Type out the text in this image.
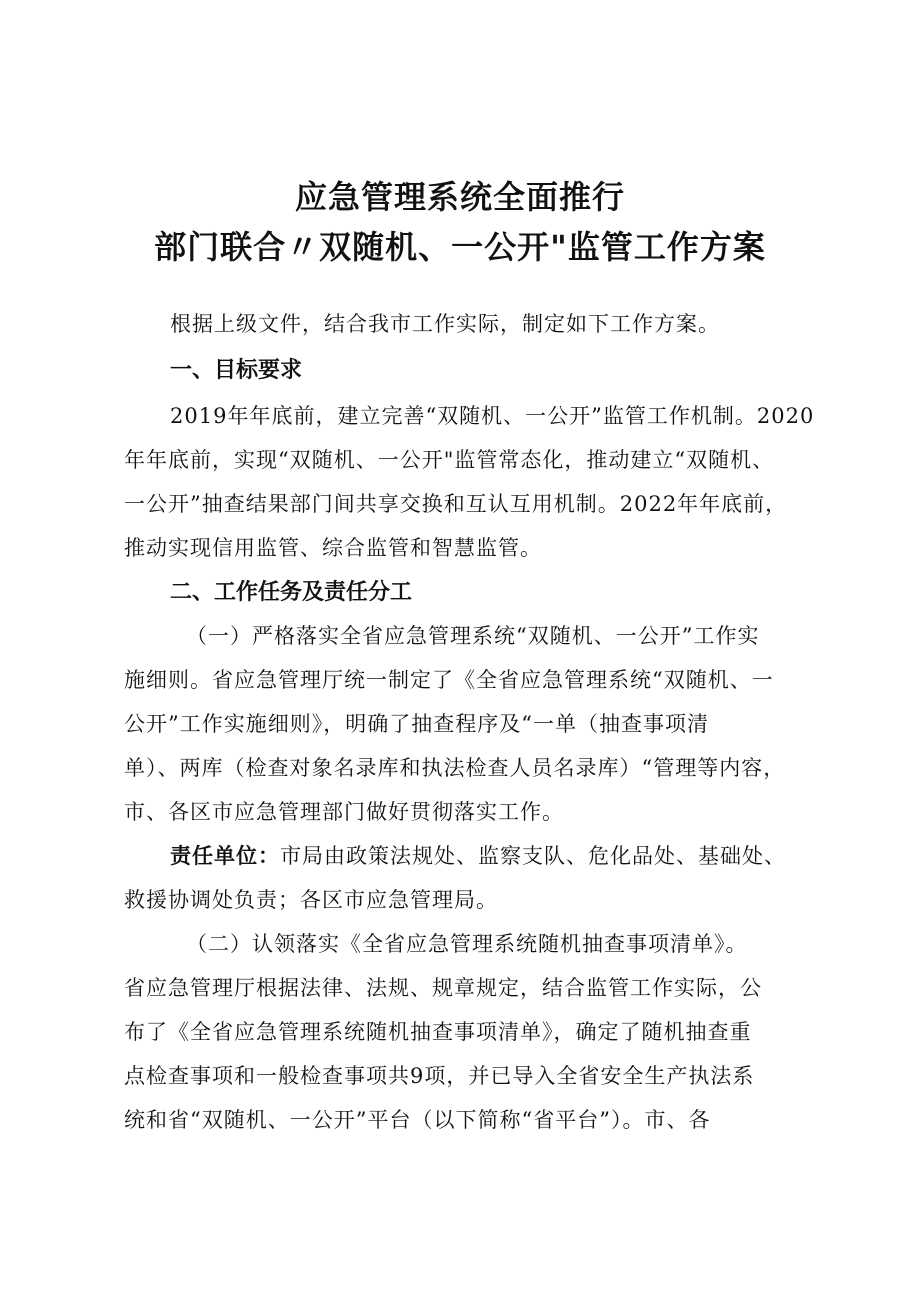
应急管理系统全面推行
部门联合〃双随机、一公开"监管工作方案
根据上级文件，结合我市工作实际，制定如下工作方案。
一、目标要求
2019年年底前，建立完善“双随机、一公开”监管工作机制。2020
年年底前，实现“双随机、一公开"监管常态化，推动建立“双随机、
一公开”抽查结果部门间共享交换和互认互用机制。2022年年底前，
推动实现信用监管、综合监管和智慧监管。
二、工作任务及责任分工
（一）严格落实全省应急管理系统“双随机、一公开”工作实
施细则。省应急管理厅统一制定了《全省应急管理系统“双随机、一
公开”工作实施细则》，明确了抽查程序及“一单（抽查事项清
单）、两库（检查对象名录库和执法检查人员名录库）“管理等内容，
市、各区市应急管理部门做好贯彻落实工作。
责任单位：市局由政策法规处、监察支队、危化品处、基础处、
救援协调处负责；各区市应急管理局。
（二）认领落实《全省应急管理系统随机抽查事项清单》。
省应急管理厅根据法律、法规、规章规定，结合监管工作实际，公
布了《全省应急管理系统随机抽查事项清单》，确定了随机抽查重
点检查事项和一般检查事项共9项，并已导入全省安全生产执法系
统和省“双随机、一公开”平台（以下简称“省平台”）。市、各
